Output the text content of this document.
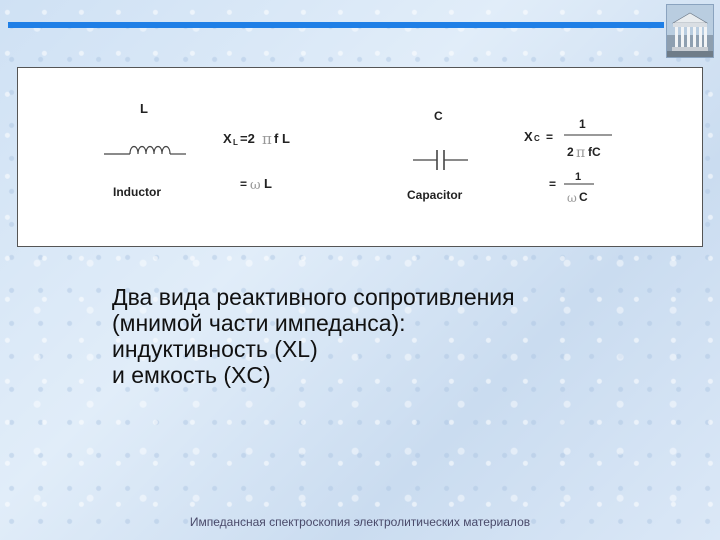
L
Inductor
X L =2 π f L
= ω L
C
Capacitor
X C =
1
2 π fC
= 1
ω C
Два вида реактивного сопротивления
(мнимой части импеданса):
индуктивность (XL)
и емкость (XC)
Импедансная спектроскопия электролитических материалов
